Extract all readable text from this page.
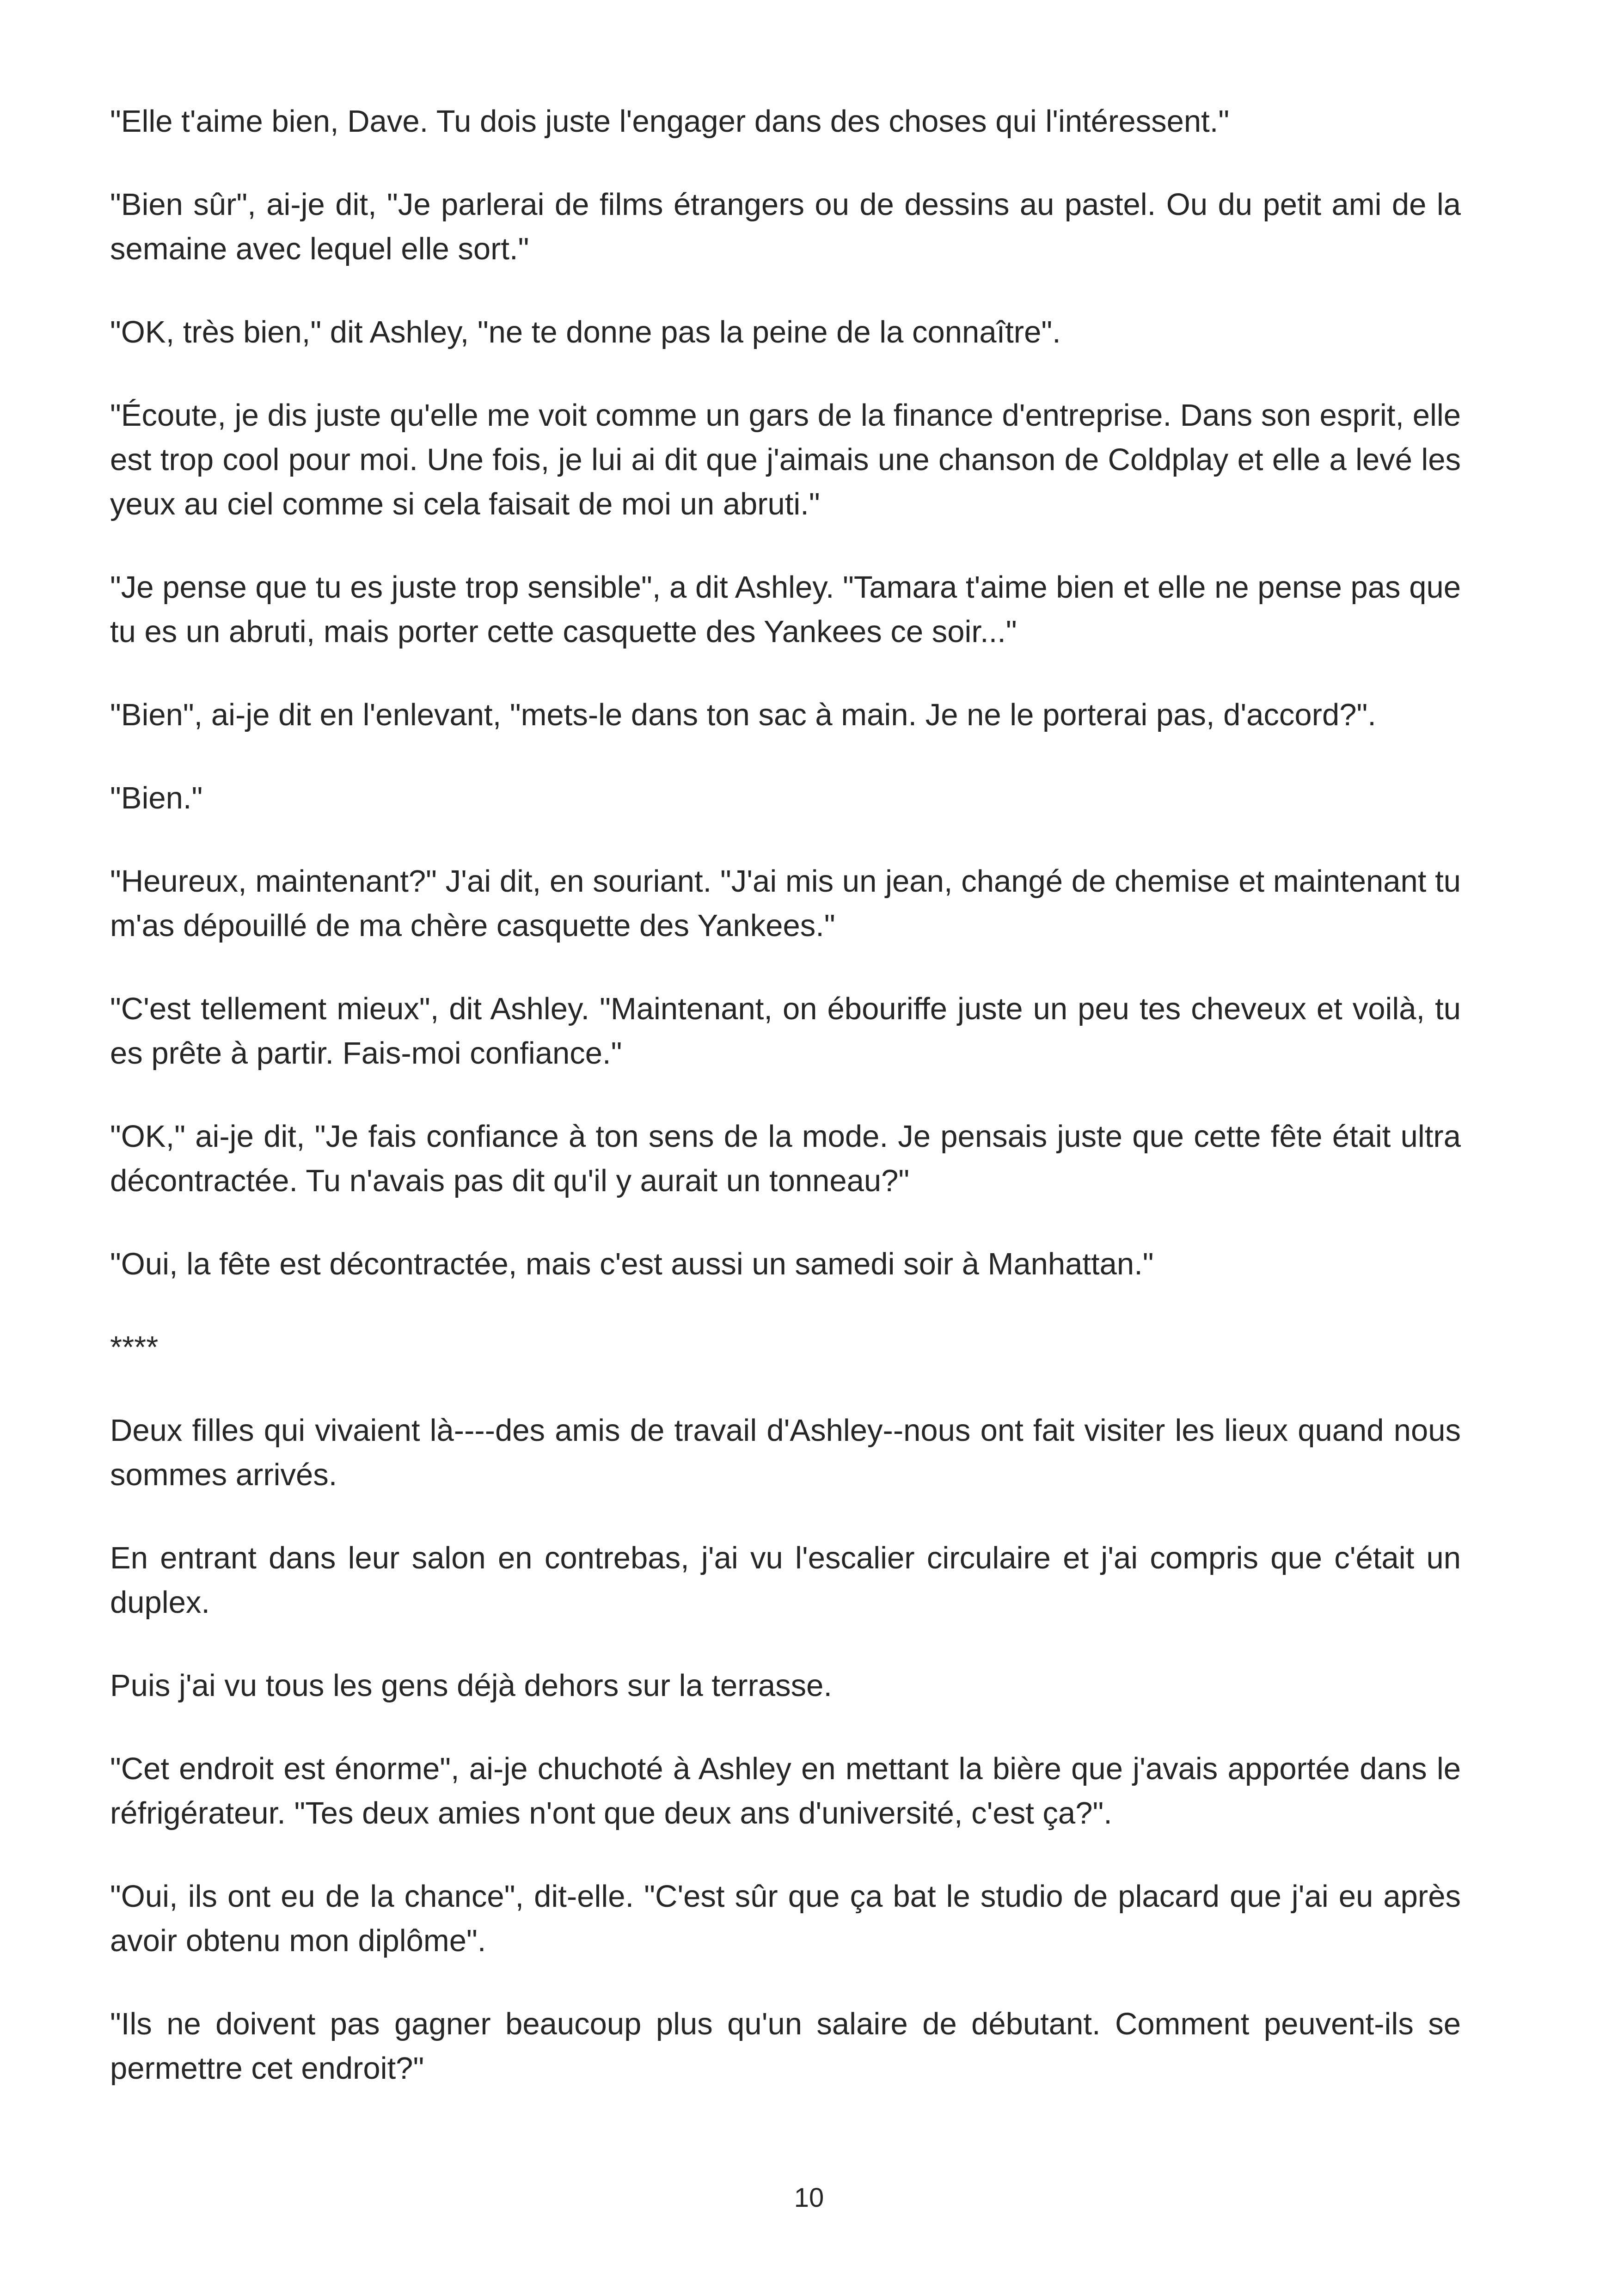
"Elle t'aime bien, Dave. Tu dois juste l'engager dans des choses qui l'intéressent."

"Bien sûr", ai-je dit, "Je parlerai de films étrangers ou de dessins au pastel. Ou du petit ami de la semaine avec lequel elle sort."

"OK, très bien," dit Ashley, "ne te donne pas la peine de la connaître".

"Écoute, je dis juste qu'elle me voit comme un gars de la finance d'entreprise. Dans son esprit, elle est trop cool pour moi. Une fois, je lui ai dit que j'aimais une chanson de Coldplay et elle a levé les yeux au ciel comme si cela faisait de moi un abruti."

"Je pense que tu es juste trop sensible", a dit Ashley. "Tamara t'aime bien et elle ne pense pas que tu es un abruti, mais porter cette casquette des Yankees ce soir..."

"Bien", ai-je dit en l'enlevant, "mets-le dans ton sac à main. Je ne le porterai pas, d'accord?".

"Bien."

"Heureux, maintenant?" J'ai dit, en souriant. "J'ai mis un jean, changé de chemise et maintenant tu m'as dépouillé de ma chère casquette des Yankees."

"C'est tellement mieux", dit Ashley. "Maintenant, on ébouriffe juste un peu tes cheveux et voilà, tu es prête à partir. Fais-moi confiance."

"OK," ai-je dit, "Je fais confiance à ton sens de la mode. Je pensais juste que cette fête était ultra décontractée. Tu n'avais pas dit qu'il y aurait un tonneau?"

"Oui, la fête est décontractée, mais c'est aussi un samedi soir à Manhattan."

****

Deux filles qui vivaient là----des amis de travail d'Ashley--nous ont fait visiter les lieux quand nous sommes arrivés.

En entrant dans leur salon en contrebas, j'ai vu l'escalier circulaire et j'ai compris que c'était un duplex.

Puis j'ai vu tous les gens déjà dehors sur la terrasse.

"Cet endroit est énorme", ai-je chuchoté à Ashley en mettant la bière que j'avais apportée dans le réfrigérateur. "Tes deux amies n'ont que deux ans d'université, c'est ça?".

"Oui, ils ont eu de la chance", dit-elle. "C'est sûr que ça bat le studio de placard que j'ai eu après avoir obtenu mon diplôme".

"Ils ne doivent pas gagner beaucoup plus qu'un salaire de débutant. Comment peuvent-ils se permettre cet endroit?"

10
